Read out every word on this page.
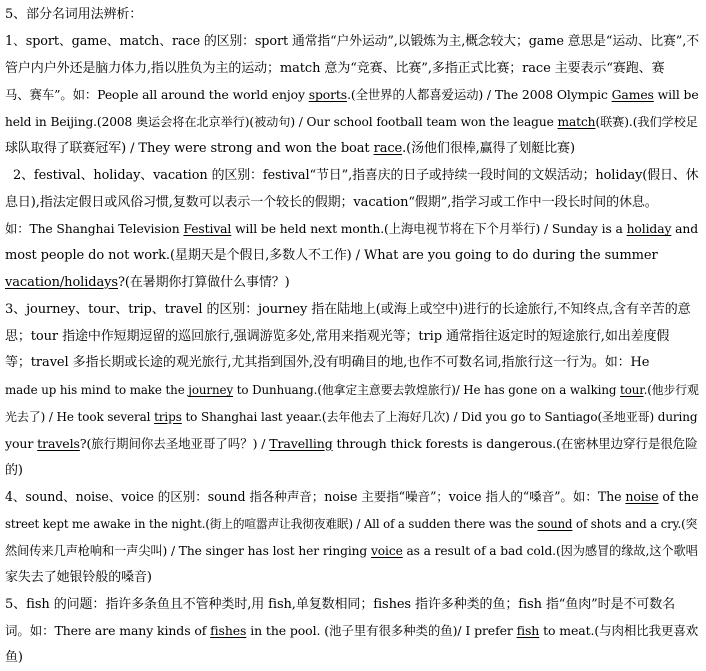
5、部分名词用法辨析：
1、sport、game、match、race 的区别：sport 通常指“户外运动”,以锻炼为主,概念较大；game 意思是“运动、比赛”,不
管户内户外还是脑力体力,指以胜负为主的运动；match 意为“竞赛、比赛”,多指正式比赛；race 主要表示“赛跑、赛
马、赛车”。如：People all around the world enjoy sports.(全世界的人都喜爱运动) / The 2008 Olympic Games will be
held in Beijing.(2008 奥运会将在北京举行)(被动句) / Our school football team won the league match(联赛).(我们学校足
球队取得了联赛冠军) / They were strong and won the boat race.(汤他们很棒,赢得了划艇比赛)
2、festival、holiday、vacation 的区别：festival“节日”,指喜庆的日子或持续一段时间的文娱活动；holiday(假日、休
息日),指法定假日或风俗习惯,复数可以表示一个较长的假期；vacation“假期”,指学习或工作中一段长时间的休息。
如：The Shanghai Television Festival will be held next month.(上海电视节将在下个月举行) / Sunday is a holiday and
most people do not work.(星期天是个假日,多数人不工作) / What are you going to do during the summer
vacation/holidays?(在暑期你打算做什么事情？)
3、journey、tour、trip、travel 的区别：journey 指在陆地上(或海上或空中)进行的长途旅行,不知终点,含有辛苦的意
思；tour 指途中作短期逗留的巡回旅行,强调游览多处,常用来指观光等；trip 通常指往返定时的短途旅行,如出差度假
等；travel 多指长期或长途的观光旅行,尤其指到国外,没有明确目的地,也作不可数名词,指旅行这一行为。如：He
made up his mind to make the journey to Dunhuang.(他拿定主意要去敦煌旅行)/ He has gone on a walking tour.(他步行观
光去了) / He took several trips to Shanghai last yeaar.(去年他去了上海好几次) / Did you go to Santiago(圣地亚哥) during
your travels?(旅行期间你去圣地亚哥了吗？) / Travelling through thick forests is dangerous.(在密林里边穿行是很危险
的)
4、sound、noise、voice 的区别：sound 指各种声音；noise 主要指“噪音”；voice 指人的“嗓音”。如：The noise of the
street kept me awake in the night.(街上的喧嚣声让我彻夜难眠) / All of a sudden there was the sound of shots and a cry.(突
然间传来几声枪响和一声尖叫) / The singer has lost her ringing voice as a result of a bad cold.(因为感冒的缘故,这个歌唱
家失去了她银铃般的嗓音)
5、fish 的问题：指许多条鱼且不管种类时,用 fish,单复数相同；fishes 指许多种类的鱼；fish 指“鱼肉”时是不可数名
词。如：There are many kinds of fishes in the pool. (池子里有很多种类的鱼)/ I prefer fish to meat.(与肉相比我更喜欢
鱼)
